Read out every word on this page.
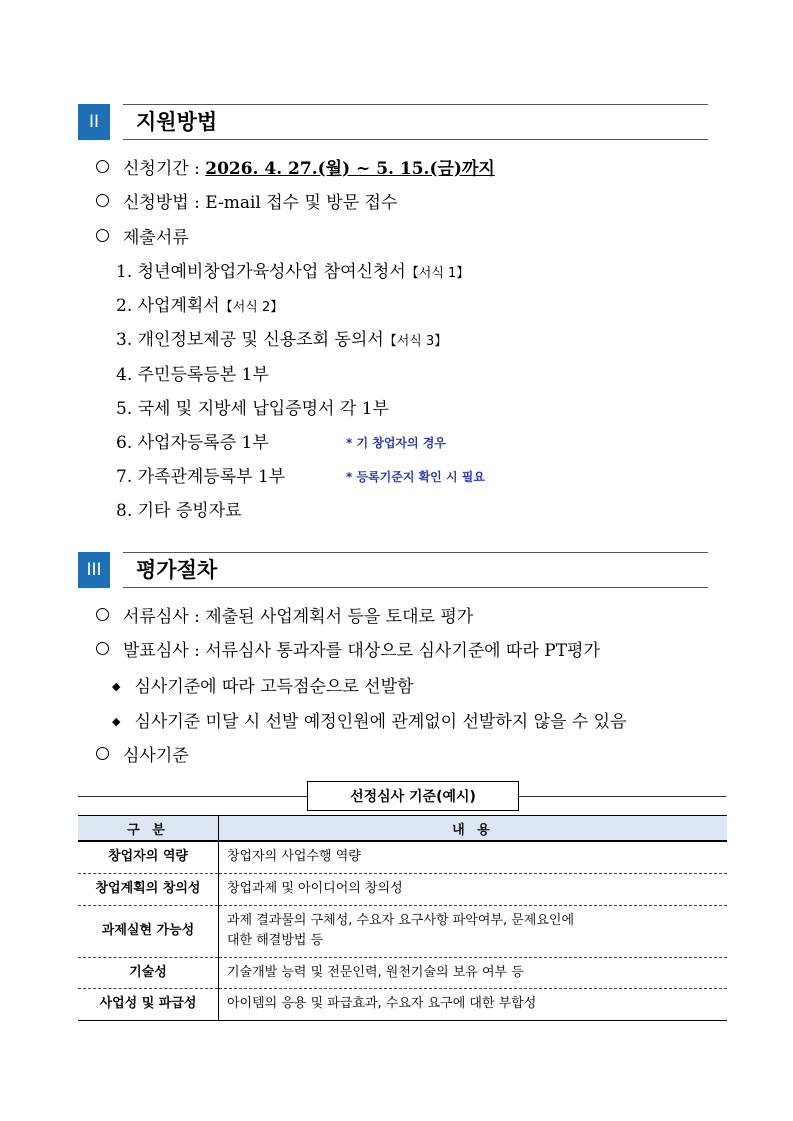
II	지원방법
신청기간 : 2026. 4. 27.(월) ~ 5. 15.(금)까지
신청방법 : E-mail 접수 및 방문 접수
제출서류
1. 청년예비창업가육성사업 참여신청서【서식 1】
2. 사업계획서【서식 2】
3. 개인정보제공 및 신용조회 동의서【서식 3】
4. 주민등록등본 1부
5. 국세 및 지방세 납입증명서 각 1부
6. 사업자등록증 1부	* 기 창업자의 경우
7. 가족관계등록부 1부	* 등록기준지 확인 시 필요
8. 기타 증빙자료
III	평가절차
서류심사 : 제출된 사업계획서 등을 토대로 평가
발표심사 : 서류심사 통과자를 대상으로 심사기준에 따라 PT평가
◆ 심사기준에 따라 고득점순으로 선발함
◆ 심사기준 미달 시 선발 예정인원에 관계없이 선발하지 않을 수 있음
심사기준
선정심사 기준(예시)
구 분	내 용
창업자의 역량	창업자의 사업수행 역량
창업계획의 창의성	창업과제 및 아이디어의 창의성
과제실현 가능성	과제 결과물의 구체성, 수요자 요구사항 파악여부, 문제요인에
대한 해결방법 등

기술성	기술개발 능력 및 전문인력, 원천기술의 보유 여부 등
사업성 및 파급성	아이템의 응용 및 파급효과, 수요자 요구에 대한 부합성
